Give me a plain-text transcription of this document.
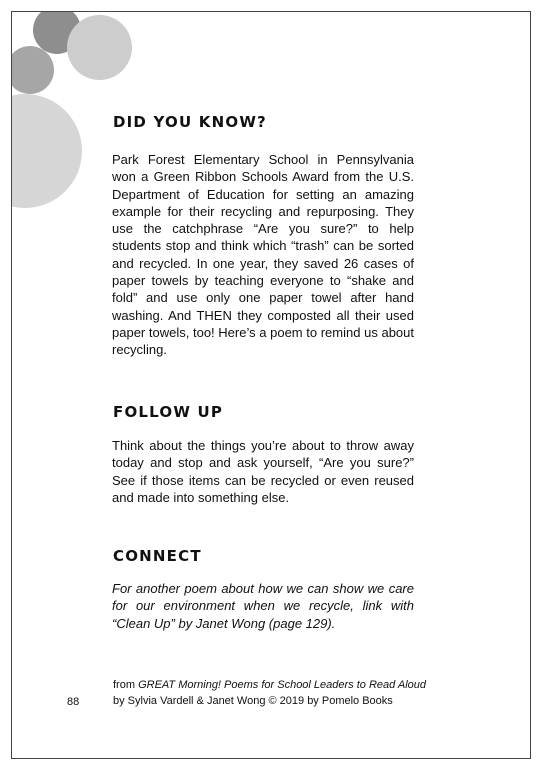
DID YOU KNOW?

Park Forest Elementary School in Pennsylvania won a Green Ribbon Schools Award from the U.S. Department of Education for setting an amazing example for their recycling and repurposing. They use the catchphrase “Are you sure?” to help students stop and think which “trash” can be sorted and recycled. In one year, they saved 26 cases of paper towels by teaching everyone to “shake and fold” and use only one paper towel after hand washing. And THEN they composted all their used paper towels, too! Here’s a poem to remind us about recycling.

FOLLOW UP

Think about the things you’re about to throw away today and stop and ask yourself, “Are you sure?” See if those items can be recycled or even reused and made into something else.

CONNECT

For another poem about how we can show we care for our environment when we recycle, link with “Clean Up” by Janet Wong (page 129).

from GREAT Morning! Poems for School Leaders to Read Aloud
by Sylvia Vardell & Janet Wong © 2019 by Pomelo Books
88
